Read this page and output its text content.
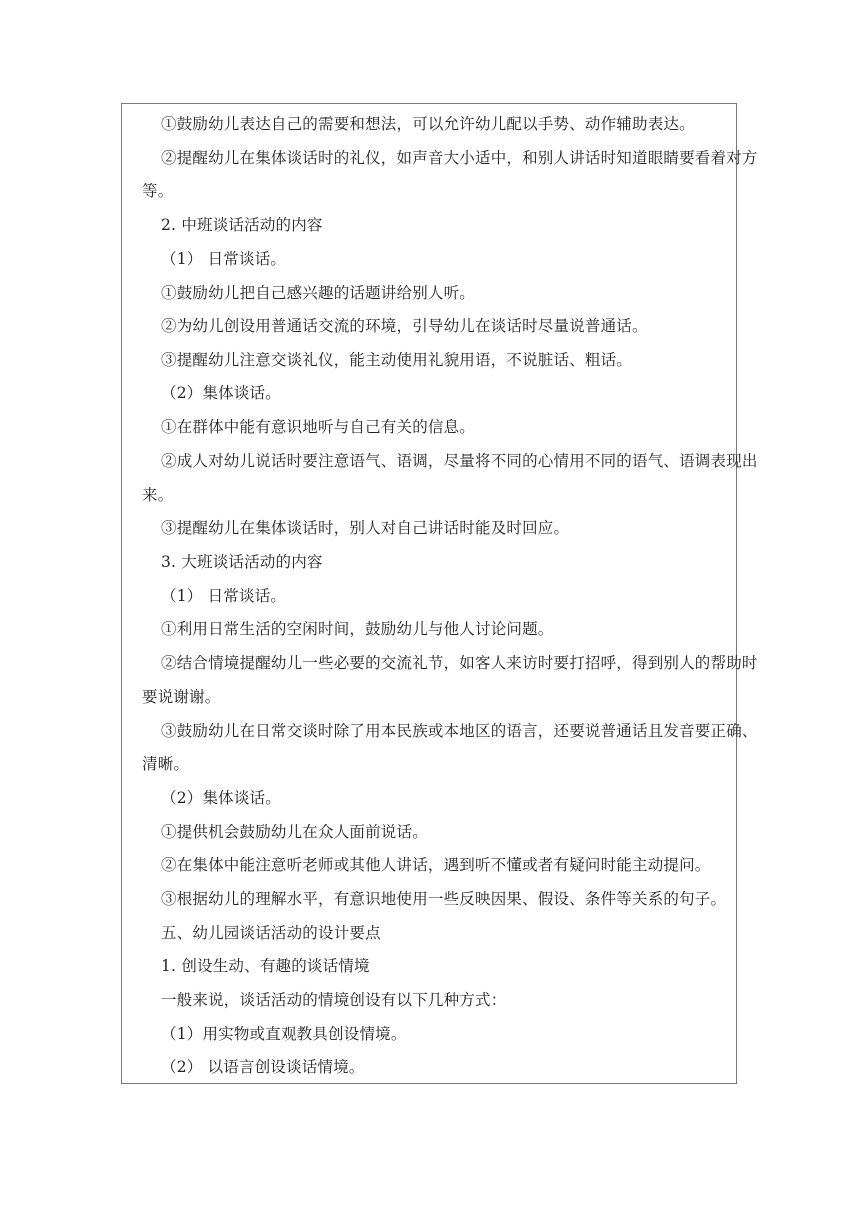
①鼓励幼儿表达自己的需要和想法，可以允许幼儿配以手势、动作辅助表达。
②提醒幼儿在集体谈话时的礼仪，如声音大小适中，和别人讲话时知道眼睛要看着对方
等。
2. 中班谈话活动的内容
（1） 日常谈话。
①鼓励幼儿把自己感兴趣的话题讲给别人听。
②为幼儿创设用普通话交流的环境，引导幼儿在谈话时尽量说普通话。
③提醒幼儿注意交谈礼仪，能主动使用礼貌用语，不说脏话、粗话。
（2）集体谈话。
①在群体中能有意识地听与自己有关的信息。
②成人对幼儿说话时要注意语气、语调，尽量将不同的心情用不同的语气、语调表现出
来。
③提醒幼儿在集体谈话时，别人对自己讲话时能及时回应。
3. 大班谈话活动的内容
（1） 日常谈话。
①利用日常生活的空闲时间，鼓励幼儿与他人讨论问题。
②结合情境提醒幼儿一些必要的交流礼节，如客人来访时要打招呼，得到别人的帮助时
要说谢谢。
③鼓励幼儿在日常交谈时除了用本民族或本地区的语言，还要说普通话且发音要正确、
清晰。
（2）集体谈话。
①提供机会鼓励幼儿在众人面前说话。
②在集体中能注意听老师或其他人讲话，遇到听不懂或者有疑问时能主动提问。
③根据幼儿的理解水平，有意识地使用一些反映因果、假设、条件等关系的句子。
五、幼儿园谈话活动的设计要点
1. 创设生动、有趣的谈话情境
一般来说，谈话活动的情境创设有以下几种方式：
（1）用实物或直观教具创设情境。
（2） 以语言创设谈话情境。
